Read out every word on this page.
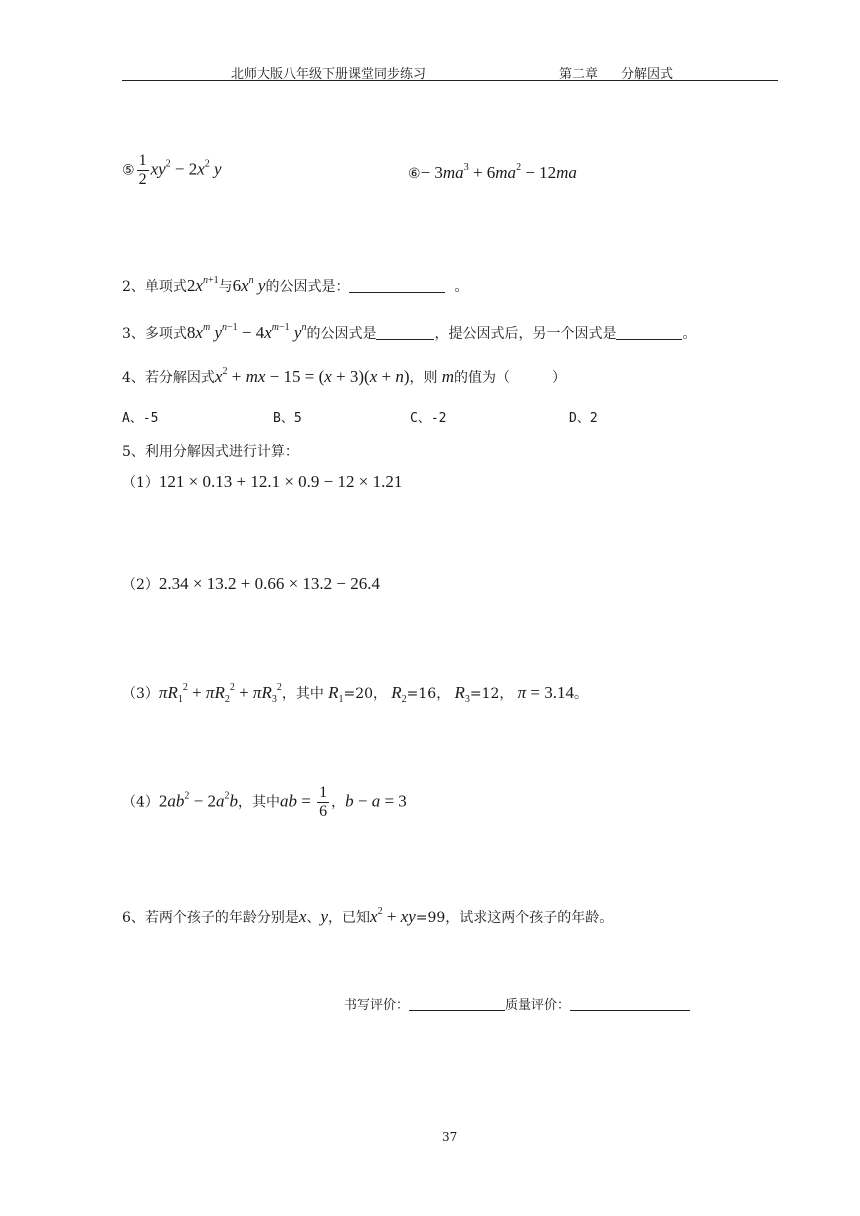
北师大版八年级下册课堂同步练习	第二章 分解因式
⑤ $\frac{1}{2} xy^2 - 2x^2$ y	⑥− $3ma^3 + 6ma^2 - 12ma$
2、单项式$2x^{n+1}$与$6x^n$ y的公因式是：	。
3、多项式$8x^m$ $y^{n-1} - 4x^{m-1}$ $y^n$的公因式是	，提公因式后，另一个因式是	。
4、若分解因式$x^2$ + mx − 15 = (x + 3)(x + n)，则 m的值为（　　　）
A、-5	B、5	C、-2	D、2
5、利用分解因式进行计算：
（1）121 × 0.13 + 12.1 × 0.9 − 12 × 1.21
（2）2.34 × 13.2 + 0.66 × 13.2 − 26.4
$(3)\pi R_1^2 + \pi R_2^2 + \pi R_3^2$，其中 $R_1=20$， $R_2=16$， $R_3=12$， π = 3.14。
$(4)2ab^2 - 2a^2b$，其中ab = $\frac{1}{6}$ ，b − a = 3
6、若两个孩子的年龄分别是x、y，已知$x^2 + xy=99$，试求这两个孩子的年龄。
书写评价：	质量评价：
37
